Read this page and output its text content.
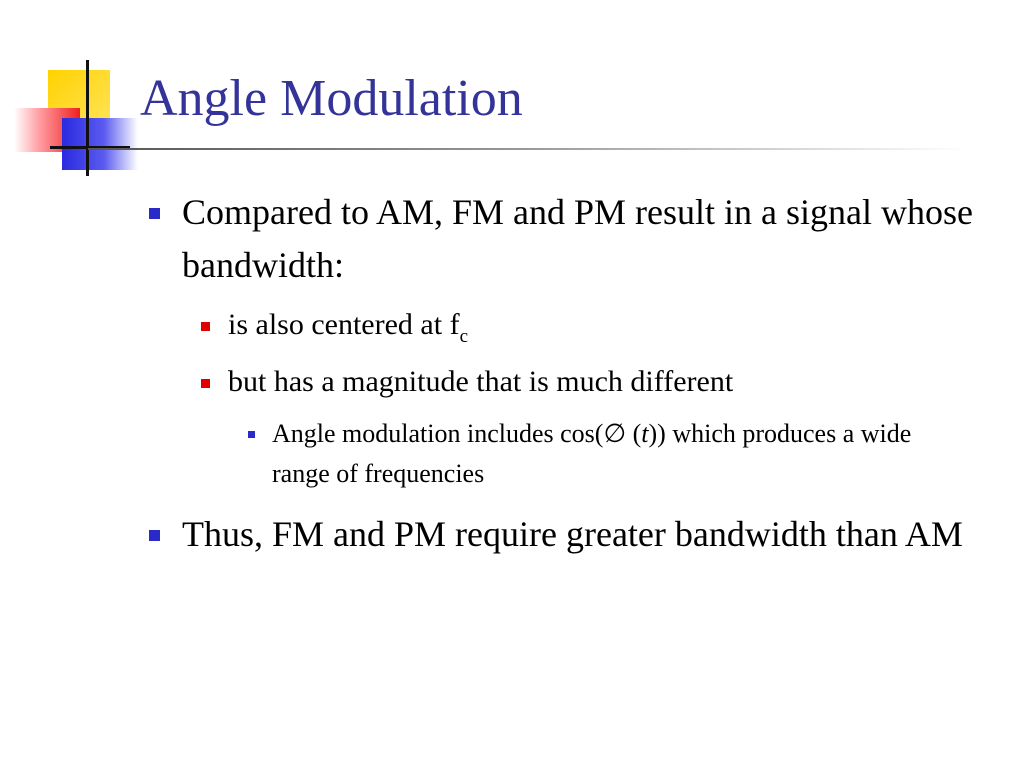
Angle Modulation
Compared to AM, FM and PM result in a signal whose bandwidth:
is also centered at $f_c$
but has a magnitude that is much different
Angle modulation includes cos(∅ (t)) which produces a wide range of frequencies
Thus, FM and PM require greater bandwidth than AM
